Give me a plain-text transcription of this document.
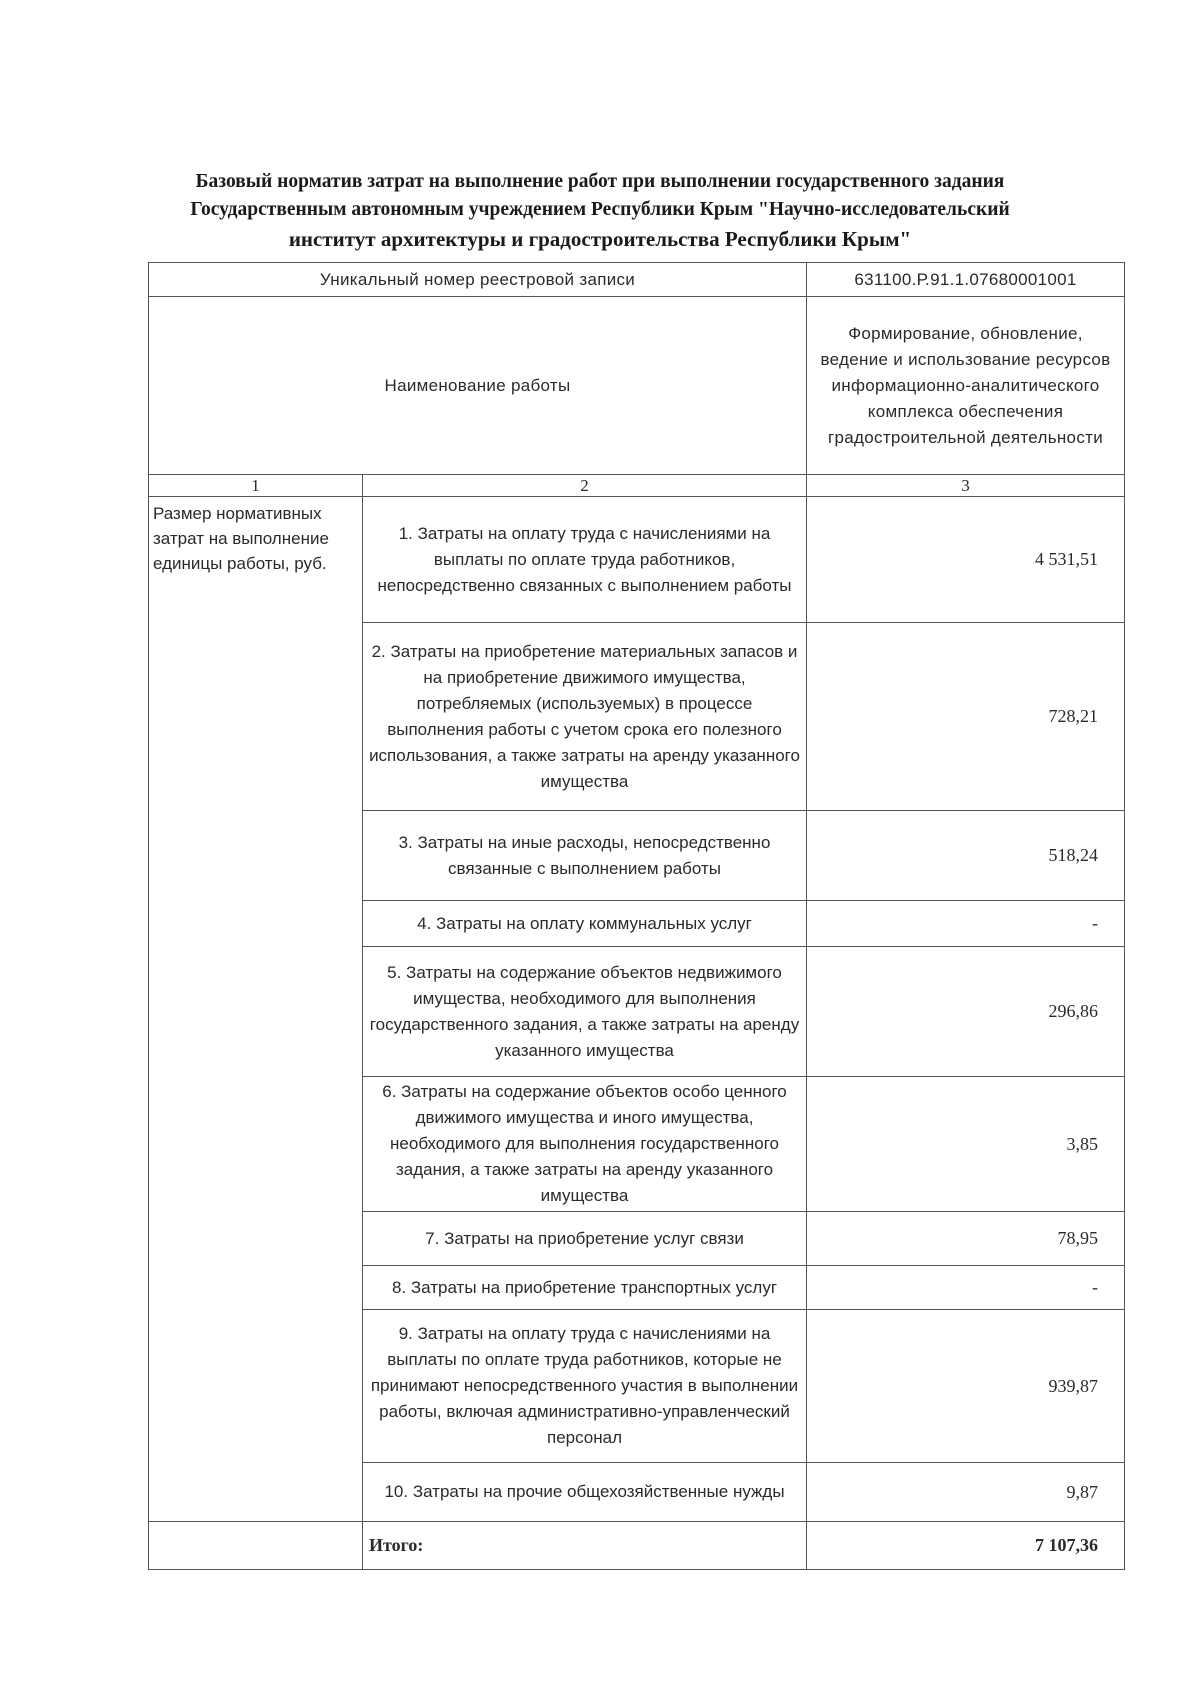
Базовый норматив затрат на выполнение работ при выполнении государственного задания
Государственным автономным учреждением Республики Крым "Научно-исследовательский
институт архитектуры и градостроительства Республики Крым"
Уникальный номер реестровой записи		631100.Р.91.1.07680001001
Наименование работы		Формирование, обновление, ведение и использование ресурсов информационно-аналитического комплекса обеспечения градостроительной деятельности
1	2	3
Размер нормативных затрат на выполнение единицы работы, руб.	1. Затраты на оплату труда с начислениями на выплаты по оплате труда работников, непосредственно связанных с выполнением работы	4 531,51
	2. Затраты на приобретение материальных запасов и на приобретение движимого имущества, потребляемых (используемых) в процессе выполнения работы с учетом срока его полезного использования, а также затраты на аренду указанного имущества	728,21
	3. Затраты на иные расходы, непосредственно связанные с выполнением работы	518,24
	4. Затраты на оплату коммунальных услуг	-
	5. Затраты на содержание объектов недвижимого имущества, необходимого для выполнения государственного задания, а также затраты на аренду указанного имущества	296,86
	6. Затраты на содержание объектов особо ценного движимого имущества и иного имущества, необходимого для выполнения государственного задания, а также затраты на аренду указанного имущества	3,85
	7. Затраты на приобретение услуг связи	78,95
	8. Затраты на приобретение транспортных услуг	-
	9. Затраты на оплату труда с начислениями на выплаты по оплате труда работников, которые не принимают непосредственного участия в выполнении работы, включая административно-управленческий персонал	939,87
	10. Затраты на прочие общехозяйственные нужды	9,87
	Итого:	7 107,36
